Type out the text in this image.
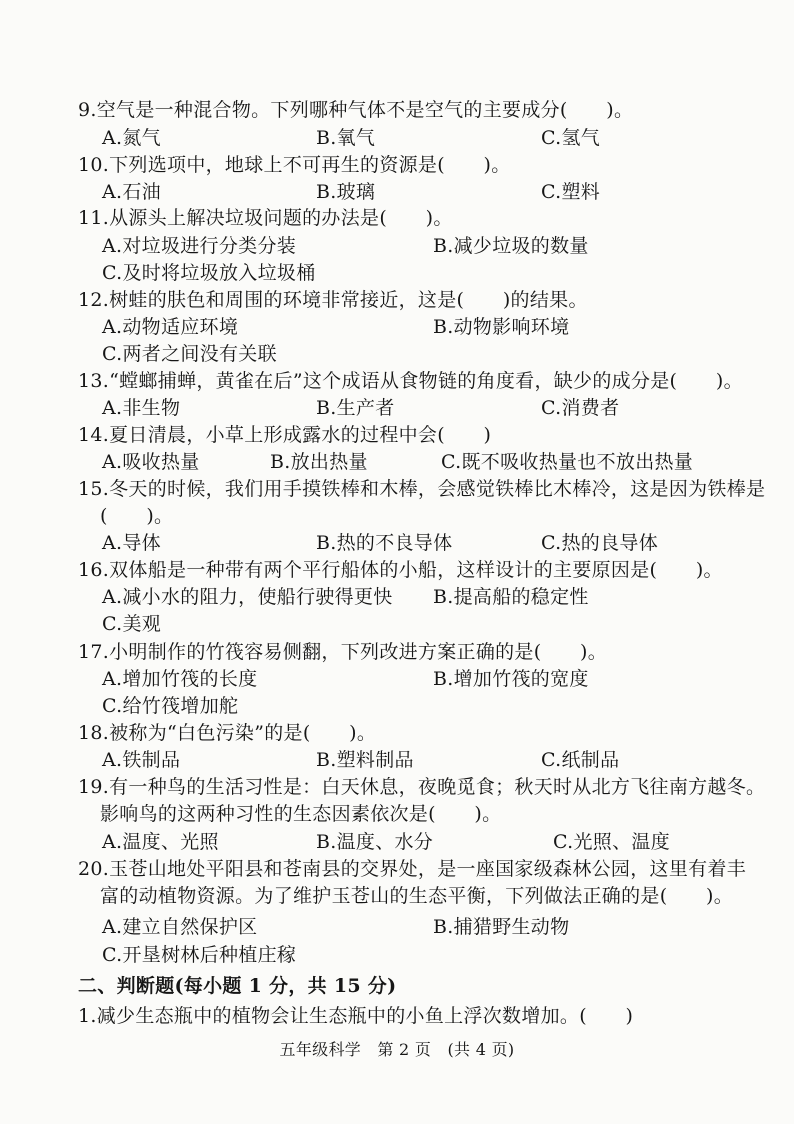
9.空气是一种混合物。下列哪种气体不是空气的主要成分(　　)。
A.氮气	B.氧气	C.氢气
10.下列选项中，地球上不可再生的资源是(　　)。
A.石油	B.玻璃	C.塑料
11.从源头上解决垃圾问题的办法是(　　)。
A.对垃圾进行分类分装	B.减少垃圾的数量
C.及时将垃圾放入垃圾桶
12.树蛙的肤色和周围的环境非常接近，这是(　　)的结果。
A.动物适应环境	B.动物影响环境
C.两者之间没有关联
13.“螳螂捕蝉，黄雀在后”这个成语从食物链的角度看，缺少的成分是(　　)。
A.非生物	B.生产者	C.消费者
14.夏日清晨，小草上形成露水的过程中会(　　)
A.吸收热量	B.放出热量	C.既不吸收热量也不放出热量
15.冬天的时候，我们用手摸铁棒和木棒，会感觉铁棒比木棒冷，这是因为铁棒是
(　　)。
A.导体	B.热的不良导体	C.热的良导体
16.双体船是一种带有两个平行船体的小船，这样设计的主要原因是(　　)。
A.减小水的阻力，使船行驶得更快 B.提高船的稳定性
C.美观
17.小明制作的竹筏容易侧翻，下列改进方案正确的是(　　)。
A.增加竹筏的长度	B.增加竹筏的宽度
C.给竹筏增加舵
18.被称为“白色污染”的是(　　)。
A.铁制品	B.塑料制品	C.纸制品
19.有一种鸟的生活习性是：白天休息，夜晚觅食；秋天时从北方飞往南方越冬。
影响鸟的这两种习性的生态因素依次是(　　)。
A.温度、光照	B.温度、水分	C.光照、温度
20.玉苍山地处平阳县和苍南县的交界处，是一座国家级森林公园，这里有着丰
富的动植物资源。为了维护玉苍山的生态平衡，下列做法正确的是(　　)。
A.建立自然保护区	B.捕猎野生动物
C.开垦树林后种植庄稼
二、判断题(每小题 1 分，共 15 分)
1.减少生态瓶中的植物会让生态瓶中的小鱼上浮次数增加。(　　)
五年级科学　第 2 页　(共 4 页)
